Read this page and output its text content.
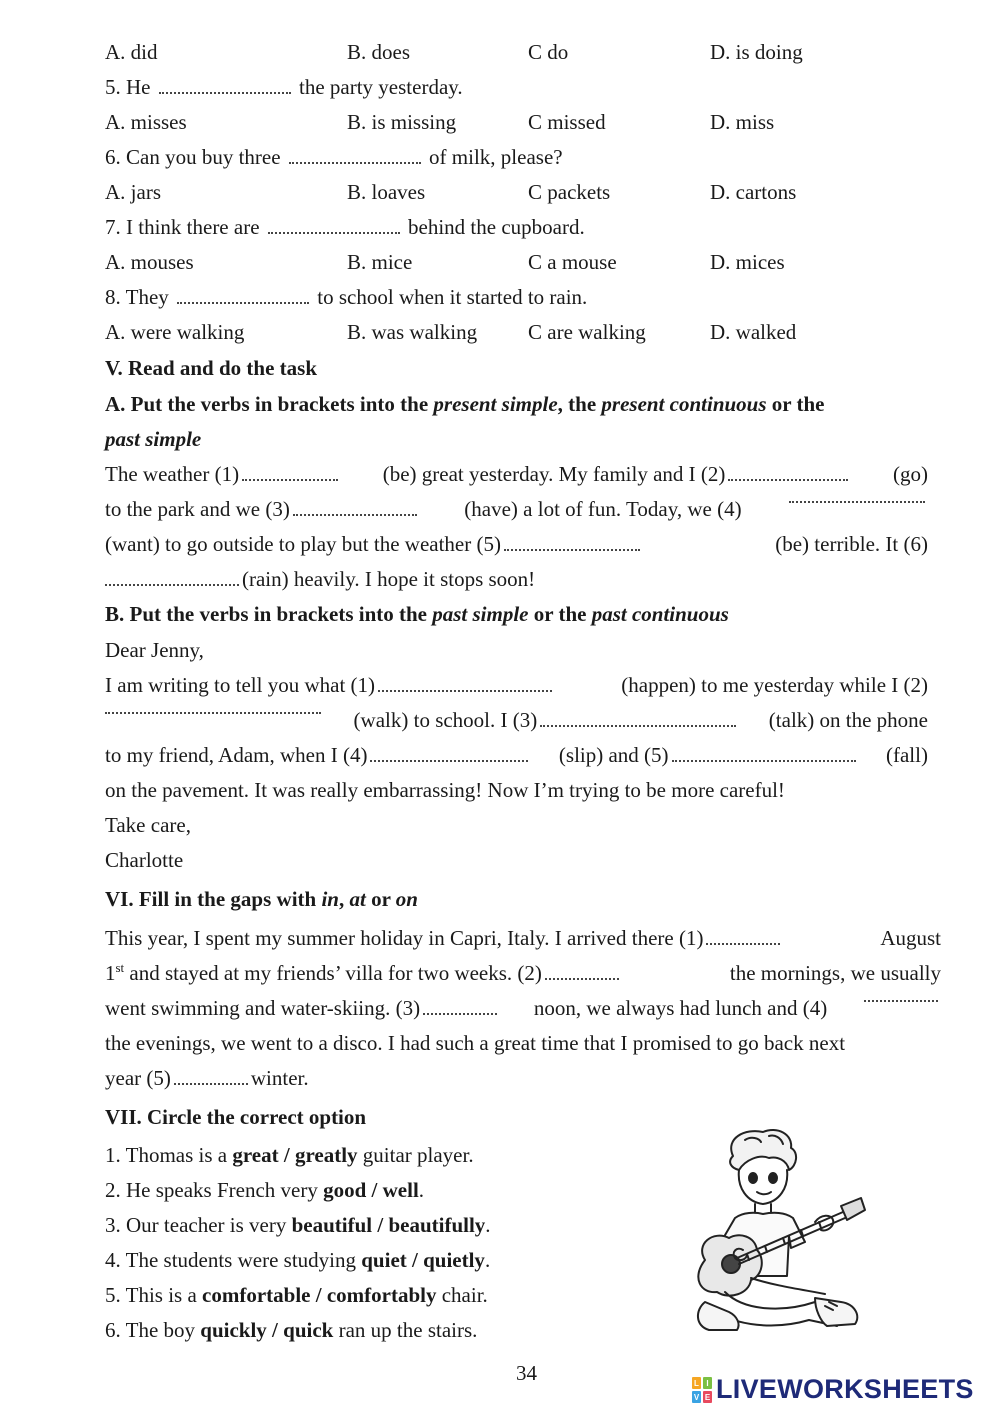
A. did	B. does	C do	D. is doing
5. He	the party yesterday.
A. misses	B. is missing	C missed	D. miss
6. Can you buy three	of milk, please?
A. jars	B. loaves	C packets	D. cartons
7. I think there are	behind the cupboard.
A. mouses	B. mice	C a mouse	D. mices
8. They	to school when it started to rain.
A. were walking	B. was walking C are walking	D. walked
V. Read and do the task
A. Put the verbs in brackets into the present simple, the present continuous or the
past simple
The weather (1)	(be) great yesterday. My family and I (2)	(go)
to the park and we (3)	(have) a lot of fun. Today, we (4)
(want) to go outside to play but the weather (5)	(be) terrible. It (6)
(rain) heavily. I hope it stops soon!
B. Put the verbs in brackets into the past simple or the past continuous
Dear Jenny,
I am writing to tell you what (1)	(happen) to me yesterday while I (2)
(walk) to school. I (3)	(talk) on the phone
to my friend, Adam, when I (4)	(slip) and (5)	(fall)
on the pavement. It was really embarrassing! Now I’m trying to be more careful!
Take care,
Charlotte
VI. Fill in the gaps with in, at or on
This year, I spent my summer holiday in Capri, Italy. I arrived there (1)	August
1st and stayed at my friends’ villa for two weeks. (2)	the mornings, we usually
went swimming and water-skiing. (3)	noon, we always had lunch and (4)
the evenings, we went to a disco. I had such a great time that I promised to go back next
year (5)	winter.
VII. Circle the correct option
1. Thomas is a great / greatly guitar player.
2. He speaks French very good / well.
3. Our teacher is very beautiful / beautifully.
4. The students were studying quiet / quietly.
5. This is a comfortable / comfortably chair.
6. The boy quickly / quick ran up the stairs.
34	L I
V E LIVEWORKSHEETS
